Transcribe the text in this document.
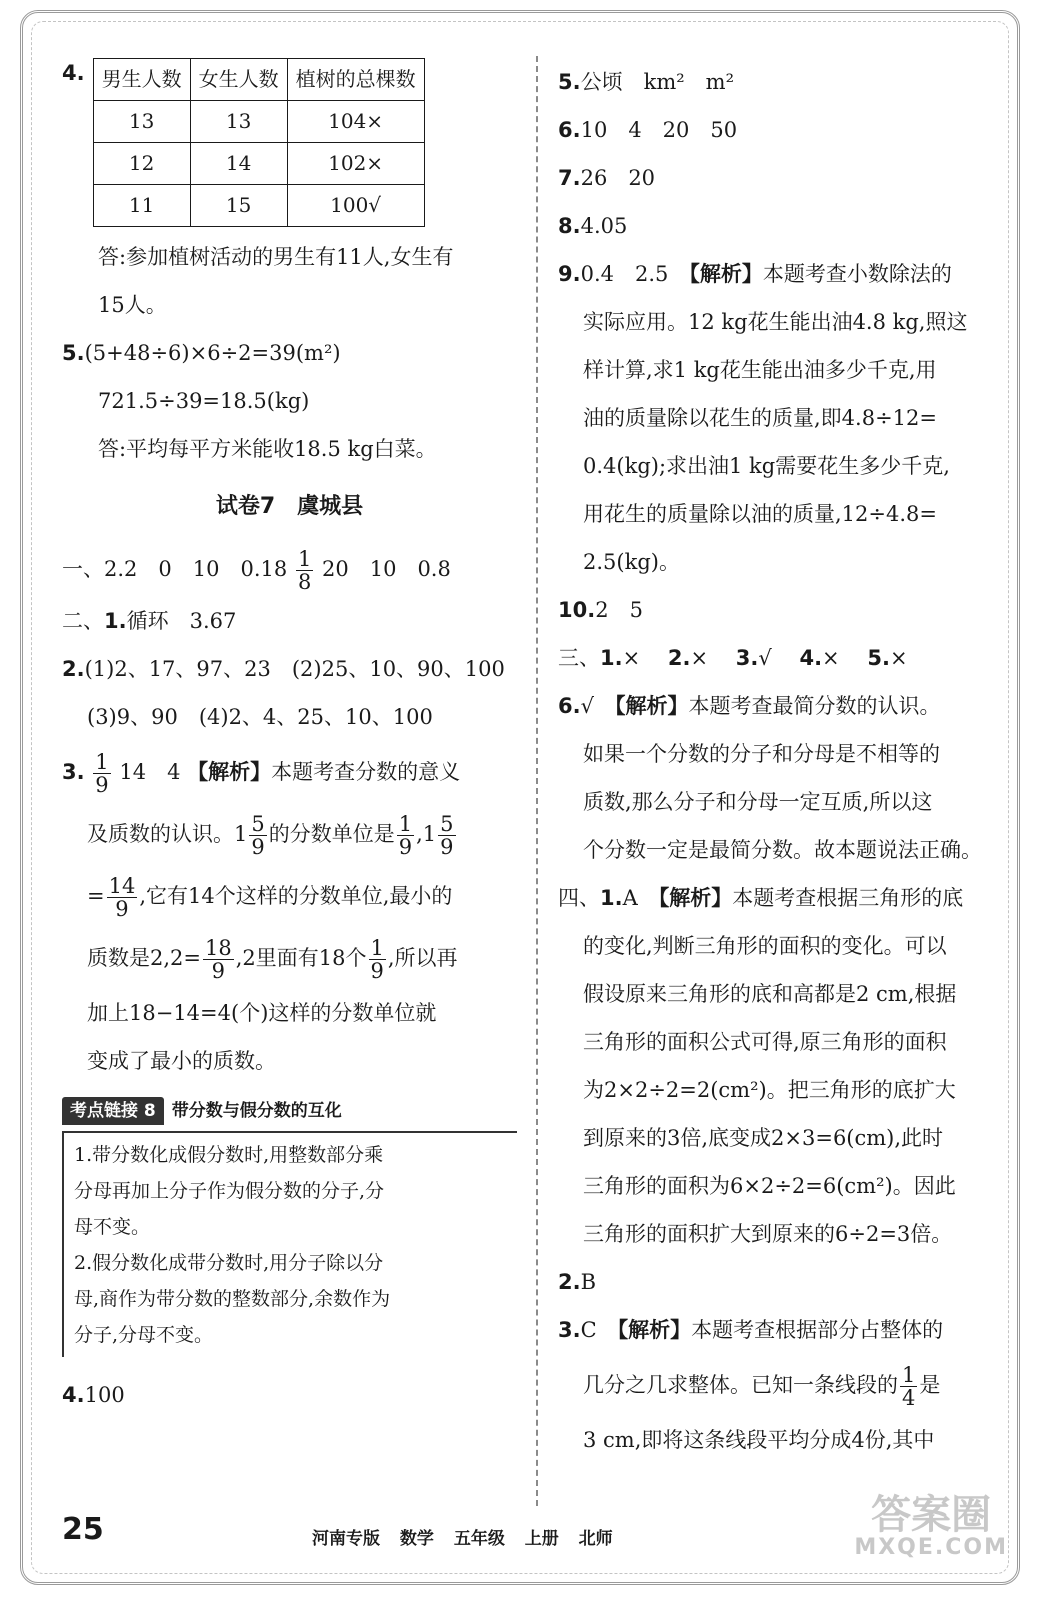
4. 男生人数	女生人数	植树的总棵数
13	13	104×
12	14	102×
11	15	100√
答:参加植树活动的男生有11人,女生有
15人。
5.(5+48÷6)×6÷2=39(m²)
721.5÷39=18.5(kg)
答:平均每平方米能收18.5 kg白菜。
试卷7　虞城县
一、2.2　0　10　$0.18 \frac{1}{8} 20$　10　0.8
二、1.循环　3.67
2.(1)2、17、97、23　(2)25、10、90、100
(3)9、90　(4)2、4、25、10、100
3. $\frac{1}{9} 14$　4 【解析】本题考查分数的意义
及质数的认识。$1 \frac{5}{9}$ 的分数单位是 $\frac{1}{9} ,1 \frac{5}{9}$
= $\frac{14}{9}$ ,它有14个这样的分数单位,最小的
质数是$2,2= \frac{18}{9} ,2$里面有18个 $\frac{1}{9}$ ,所以再
加上18−14=4(个)这样的分数单位就
变成了最小的质数。
考点链接 8 带分数与假分数的互化
1.带分数化成假分数时,用整数部分乘
分母再加上分子作为假分数的分子,分
母不变。
2.假分数化成带分数时,用分子除以分
母,商作为带分数的整数部分,余数作为
分子,分母不变。
4.100
5.公顷　km²　m²
6.10　4　20　50
7.26　20
8.4.05
9.0.4　2.5　 【解析】本题考查小数除法的
实际应用。12 kg花生能出油4.8 kg,照这
样计算,求1 kg花生能出油多少千克,用
油的质量除以花生的质量,即4.8÷12=
0.4(kg);求出油1 kg需要花生多少千克,
用花生的质量除以油的质量,12÷4.8=
2.5(kg)。
10.2　5
三、1.×　 2.×　 3.√　 4.×　 5.×
6.√　 【解析】本题考查最简分数的认识。
如果一个分数的分子和分母是不相等的
质数,那么分子和分母一定互质,所以这
个分数一定是最简分数。故本题说法正确。
四、1.A　 【解析】本题考查根据三角形的底
的变化,判断三角形的面积的变化。可以
假设原来三角形的底和高都是2 cm,根据
三角形的面积公式可得,原三角形的面积
为2×2÷2=2(cm²)。把三角形的底扩大
到原来的3倍,底变成2×3=6(cm),此时
三角形的面积为6×2÷2=6(cm²)。因此
三角形的面积扩大到原来的6÷2=3倍。
2.B
3.C　 【解析】本题考查根据部分占整体的
几分之几求整体。已知一条线段的 $\frac{1}{4}$ 是
3 cm,即将这条线段平均分成4份,其中
25	河南专版 数学 五年级 上册 北师
答案圈
MXQE.COM
